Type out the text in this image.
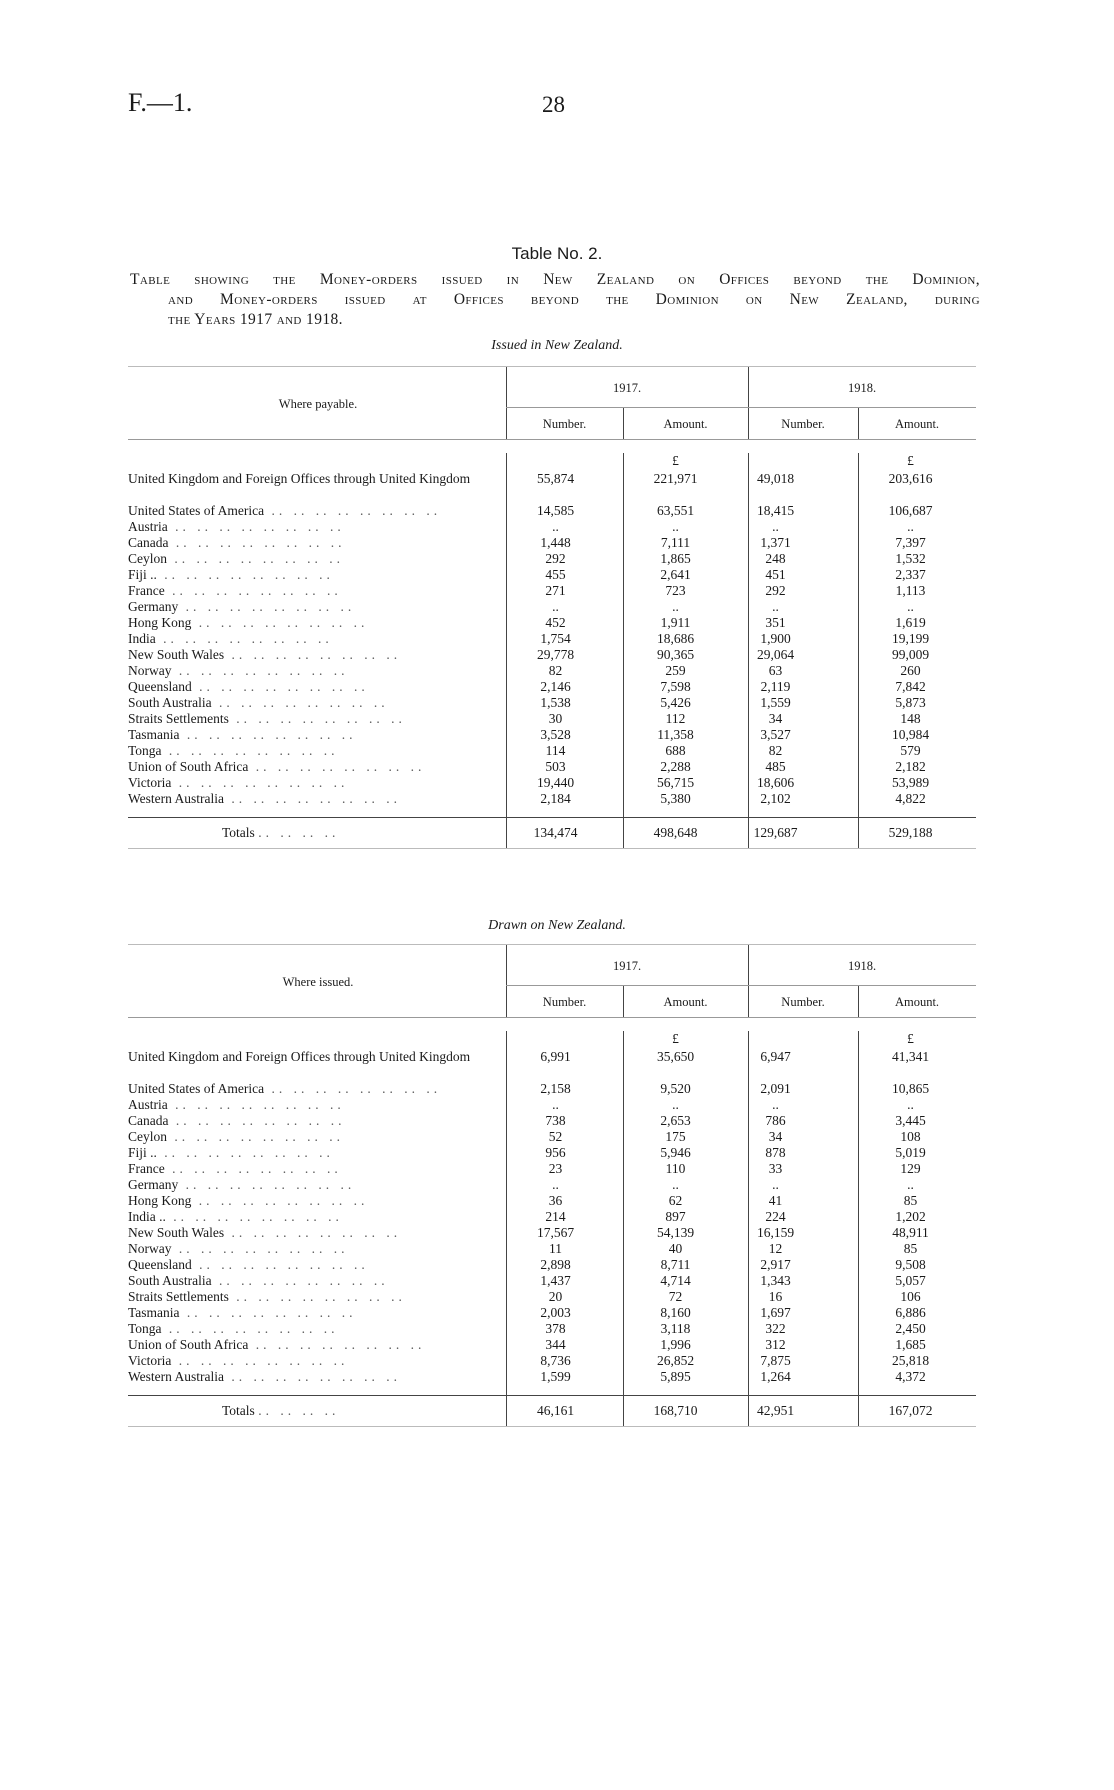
F.—1.	28
Table No. 2.
Table showing the Money-orders issued in New Zealand on Offices beyond the Dominion,
and Money-orders issued at Offices beyond the Dominion on New Zealand, during
the Years 1917 and 1918.
Issued in New Zealand.
Where payable.
1917.	1918.
Number.	Amount.	Number.	Amount.
£	£
United Kingdom and Foreign Offices through United Kingdom	55,874	221,971	49,018	203,616
United States of America .. .. .. .. .. .. .. ..	14,585	63,551	18,415	106,687
Austria .. .. .. .. .. .. .. ..	..	..	..	..
Canada .. .. .. .. .. .. .. ..	1,448	7,111	1,371	7,397
Ceylon .. .. .. .. .. .. .. ..	292	1,865	248	1,532
Fiji .. .. .. .. .. .. .. .. ..	455	2,641	451	2,337
France .. .. .. .. .. .. .. ..	271	723	292	1,113
Germany .. .. .. .. .. .. .. ..	..	..	..	..
Hong Kong .. .. .. .. .. .. .. ..	452	1,911	351	1,619
India .. .. .. .. .. .. .. ..	1,754	18,686	1,900	19,199
New South Wales .. .. .. .. .. .. .. ..	29,778	90,365	29,064	99,009
Norway .. .. .. .. .. .. .. ..	82	259	63	260
Queensland .. .. .. .. .. .. .. ..	2,146	7,598	2,119	7,842
South Australia .. .. .. .. .. .. .. ..	1,538	5,426	1,559	5,873
Straits Settlements .. .. .. .. .. .. .. ..	30	112	34	148
Tasmania .. .. .. .. .. .. .. ..	3,528	11,358	3,527	10,984
Tonga .. .. .. .. .. .. .. ..	114	688	82	579
Union of South Africa .. .. .. .. .. .. .. ..	503	2,288	485	2,182
Victoria .. .. .. .. .. .. .. ..	19,440	56,715	18,606	53,989
Western Australia .. .. .. .. .. .. .. ..	2,184	5,380	2,102	4,822
Totals .. .. .. ..	134,474	498,648	129,687	529,188
Drawn on New Zealand.
Where issued.
1917.	1918.
Number.	Amount.	Number.	Amount.
£	£
United Kingdom and Foreign Offices through United Kingdom	6,991	35,650	6,947	41,341
United States of America .. .. .. .. .. .. .. ..	2,158	9,520	2,091	10,865
Austria .. .. .. .. .. .. .. ..	..	..	..	..
Canada .. .. .. .. .. .. .. ..	738	2,653	786	3,445
Ceylon .. .. .. .. .. .. .. ..	52	175	34	108
Fiji .. .. .. .. .. .. .. .. ..	956	5,946	878	5,019
France .. .. .. .. .. .. .. ..	23	110	33	129
Germany .. .. .. .. .. .. .. ..	..	..	..	..
Hong Kong .. .. .. .. .. .. .. ..	36	62	41	85
India .. .. .. .. .. .. .. .. ..	214	897	224	1,202
New South Wales .. .. .. .. .. .. .. ..	17,567	54,139	16,159	48,911
Norway .. .. .. .. .. .. .. ..	11	40	12	85
Queensland .. .. .. .. .. .. .. ..	2,898	8,711	2,917	9,508
South Australia .. .. .. .. .. .. .. ..	1,437	4,714	1,343	5,057
Straits Settlements .. .. .. .. .. .. .. ..	20	72	16	106
Tasmania .. .. .. .. .. .. .. ..	2,003	8,160	1,697	6,886
Tonga .. .. .. .. .. .. .. ..	378	3,118	322	2,450
Union of South Africa .. .. .. .. .. .. .. ..	344	1,996	312	1,685
Victoria .. .. .. .. .. .. .. ..	8,736	26,852	7,875	25,818
Western Australia .. .. .. .. .. .. .. ..	1,599	5,895	1,264	4,372
Totals .. .. .. ..	46,161	168,710	42,951	167,072
